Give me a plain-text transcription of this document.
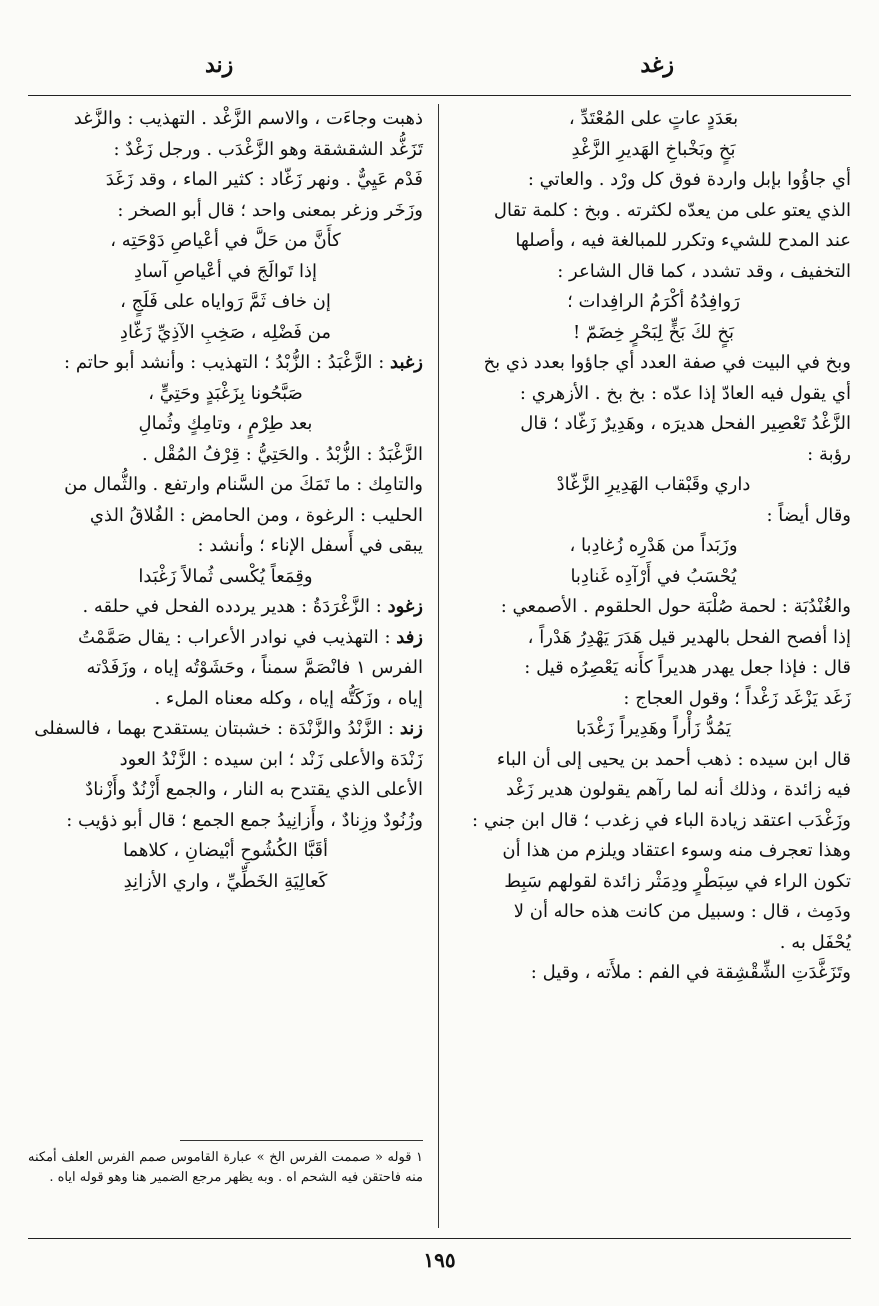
زغد
زند

بعَدَدٍ عاتٍ على المُعْتَدِّ ،

بَخٍ وبَخْباخِ الهَديرِ الزَّغْدِ

أي جاؤُوا بإبل واردة فوق كل ورْد . والعاتي :

الذي يعتو على من يعدّه لكثرته . وبخ : كلمة تقال

عند المدح للشيء وتكرر للمبالغة فيه ، وأصلها

التخفيف ، وقد تشدد ، كما قال الشاعر :

رَوافِدُهُ أكْرَمُ الرافِدات ؛

بَخٍ لكَ بَخٍّ لِبَحْرٍ خِضَمّ !

وبخ في البيت في صفة العدد أي جاؤوا بعدد ذي بخ

أي يقول فيه العادّ إذا عدّه : بخ بخ . الأزهري :

الزَّغْدُ تَعْصِير الفحل هديرَه ، وهَدِيرٌ زَغّاد ؛ قال

رؤبة :

داري وقَبْقاب الهَدِيرِ الزَّغّادْ

وقال أيضاً :

وزَبَداً من هَدْرِه زُغادِبا ،

يُحْسَبُ في أَرْآدِه غَنادِبا

والغُنْدُبَة : لحمة صُلْبَة حول الحلقوم . الأصمعي :

إذا أفصح الفحل بالهدير قيل هَدَرَ يَهْدِرُ هَدْراً ،

قال : فإذا جعل يهدر هديراً كأَنه يَعْصِرُه قيل :

زَغَد يَزْغَد زَغْداً ؛ وقول العجاج :

يَمُدُّ زَأْراً وهَدِيراً زَغْدَبا

قال ابن سيده : ذهب أحمد بن يحيى إلى أن الباء

فيه زائدة ، وذلك أنه لما رآهم يقولون هدير زَغْد

وزَغْدَب اعتقد زيادة الباء في زغدب ؛ قال ابن جني :

وهذا تعجرف منه وسوء اعتقاد ويلزم من هذا أن

تكون الراء في سِبَطْرٍ ودِمَثْر زائدة لقولهم سَبِط

ودَمِث ، قال : وسبيل من كانت هذه حاله أن لا

يُحْفَل به .

وتَزَغَّدَتِ الشِّقْشِقة في الفم : ملأَته ، وقيل :

ذهبت وجاءَت ، والاسم الزَّغْد . التهذيب : والزَّغد

تَزَغُّد الشقشقة وهو الزَّغْدَب . ورجل زَغْدٌ :

فَدْم عَيِيٌّ . ونهر زَغّاد : كثير الماء ، وقد زَغَدَ

وزَخَر وزغر بمعنى واحد ؛ قال أبو الصخر :

كأَنَّ من حَلَّ في أعْياصِ دَوْحَتِه ،

إذا تَوالَجَ في أعْياصِ آسادِ

إن خاف ثَمَّ رَواياه على فَلَجٍ ،

من فَضْلِه ، صَخِبِ الآذِيِّ زَغّادِ

زغبد : الزَّغْبَدُ : الزُّبْدُ ؛ التهذيب : وأنشد أبو حاتم :

صَبَّحُونا بِزَغْبَدٍ وحَتِيٍّ ،

بعد طِرْمٍ ، وتامِكٍ وثُمالِ

الزَّغْبَدُ : الزُّبْدُ . والحَتِيُّ : قِرْفُ المُقْل .

والتامِك : ما تَمَكَ من السَّنام وارتفع . والثُّمال من

الحليب : الرغوة ، ومن الحامض : الفُلاقُ الذي

يبقى في أَسفل الإناء ؛ وأنشد :

وقِمَعاً يُكْسى ثُمالاً زَغْبَدا

زغود : الزَّغْرَدَةُ : هدير يردده الفحل في حلقه .

زفد : التهذيب في نوادر الأعراب : يقال صَمَّمْتُ

الفرس ١ فانْصَمَّ سمناً ، وحَشَوْتُه إياه ، وزَفَدْته

إياه ، وزَكَتُّه إياه ، وكله معناه الملء .

زند : الزَّنْدُ والزَّنْدَة : خشبتان يستقدح بهما ، فالسفلى

زَنْدَة والأعلى زَنْد ؛ ابن سيده : الزَّنْدُ العود

الأعلى الذي يقتدح به النار ، والجمع أَزْنُدٌ وأَزْنادٌ

وزُنُودٌ وزِنادٌ ، وأَزانِيدُ جمع الجمع ؛ قال أبو ذؤيب :

أقَبَّا الكُشُوحِ أبْيضانِ ، كلاهما

كَعالِيَةِ الخَطِّيِّ ، واري الأزانِدِ

١ قوله « صممت الفرس الخ » عبارة القاموس صمم الفرس العلف أمكنه منه فاحتقن فيه الشحم اه . وبه يظهر مرجع الضمير هنا وهو قوله اياه .
١٩٥
